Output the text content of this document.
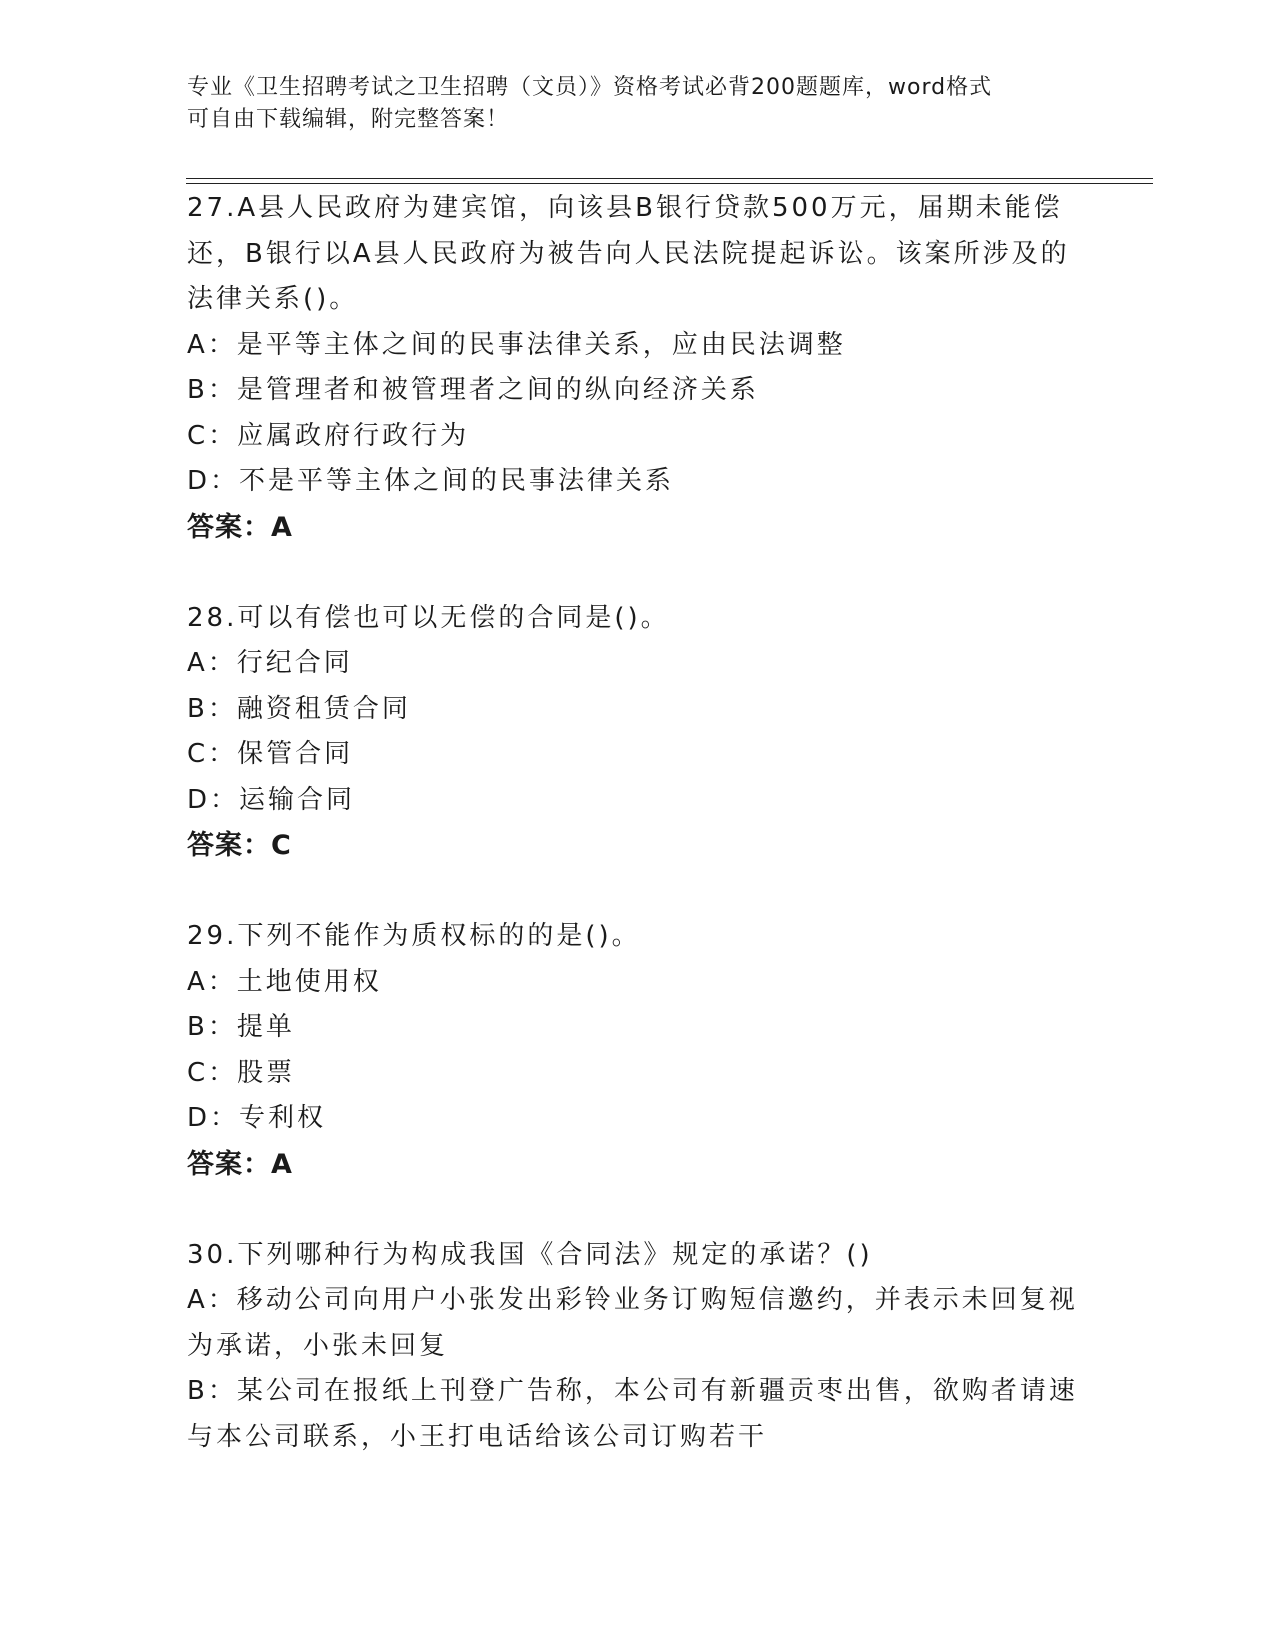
专业《卫生招聘考试之卫生招聘（文员）》资格考试必背200题题库，word格式
可自由下载编辑，附完整答案！
27.A县人民政府为建宾馆，向该县B银行贷款500万元，届期未能偿
还，B银行以A县人民政府为被告向人民法院提起诉讼。该案所涉及的
法律关系()。
A：是平等主体之间的民事法律关系，应由民法调整
B：是管理者和被管理者之间的纵向经济关系
C：应属政府行政行为
D：不是平等主体之间的民事法律关系
答案：A
28.可以有偿也可以无偿的合同是()。
A：行纪合同
B：融资租赁合同
C：保管合同
D：运输合同
答案：C
29.下列不能作为质权标的的是()。
A：土地使用权
B：提单
C：股票
D：专利权
答案：A
30.下列哪种行为构成我国《合同法》规定的承诺？()
A：移动公司向用户小张发出彩铃业务订购短信邀约，并表示未回复视
为承诺，小张未回复
B：某公司在报纸上刊登广告称，本公司有新疆贡枣出售，欲购者请速
与本公司联系，小王打电话给该公司订购若干
